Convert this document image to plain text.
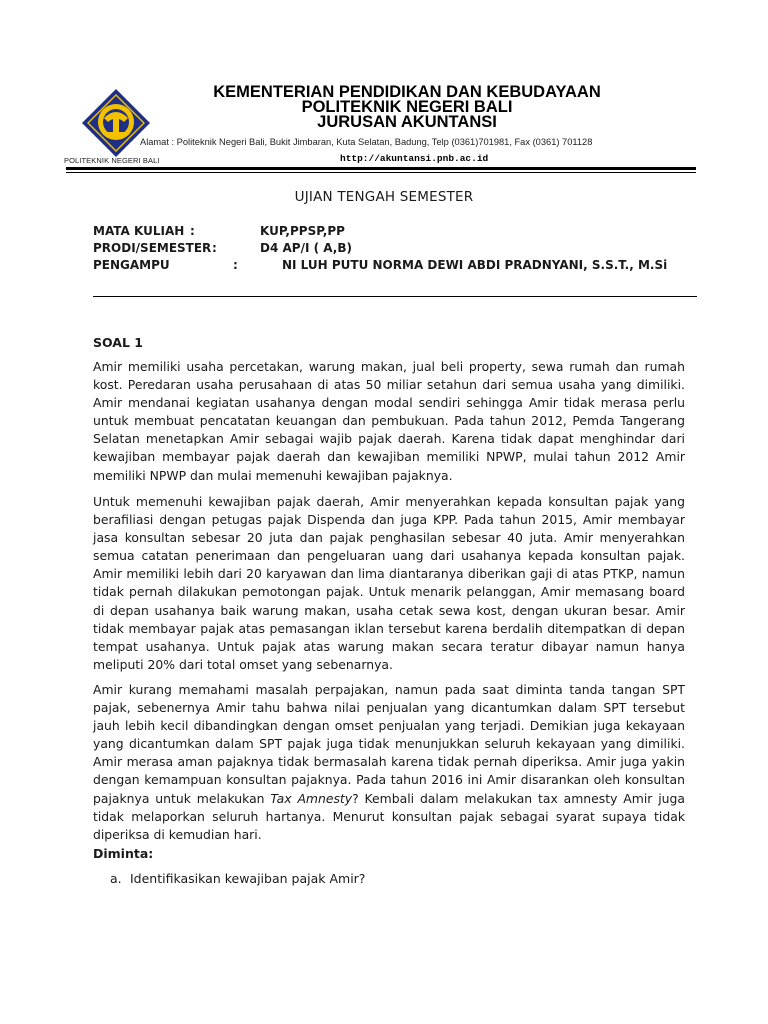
POLITEKNIK NEGERI BALI
KEMENTERIAN PENDIDIKAN DAN KEBUDAYAAN
POLITEKNIK NEGERI BALI
JURUSAN AKUNTANSI
Alamat : Politeknik Negeri Bali, Bukit Jimbaran, Kuta Selatan, Badung, Telp (0361)701981, Fax (0361) 701128
http://akuntansi.pnb.ac.id
UJIAN TENGAH SEMESTER
MATA KULIAH :	KUP,PPSP,PP
PRODI/SEMESTER :	D4 AP/I ( A,B)
PENGAMPU	:	NI LUH PUTU NORMA DEWI ABDI PRADNYANI, S.S.T., M.Si
SOAL 1

Amir memiliki usaha percetakan, warung makan, jual beli property, sewa rumah dan rumah kost. Peredaran usaha perusahaan di atas 50 miliar setahun dari semua usaha yang dimiliki. Amir mendanai kegiatan usahanya dengan modal sendiri sehingga Amir tidak merasa perlu untuk membuat pencatatan keuangan dan pembukuan. Pada tahun 2012, Pemda Tangerang Selatan menetapkan Amir sebagai wajib pajak daerah. Karena tidak dapat menghindar dari kewajiban membayar pajak daerah dan kewajiban memiliki NPWP, mulai tahun 2012 Amir memiliki NPWP dan mulai memenuhi kewajiban pajaknya.

Untuk memenuhi kewajiban pajak daerah, Amir menyerahkan kepada konsultan pajak yang berafiliasi dengan petugas pajak Dispenda dan juga KPP. Pada tahun 2015, Amir membayar jasa konsultan sebesar 20 juta dan pajak penghasilan sebesar 40 juta. Amir menyerahkan semua catatan penerimaan dan pengeluaran uang dari usahanya kepada konsultan pajak. Amir memiliki lebih dari 20 karyawan dan lima diantaranya diberikan gaji di atas PTKP, namun tidak pernah dilakukan pemotongan pajak. Untuk menarik pelanggan, Amir memasang board di depan usahanya baik warung makan, usaha cetak sewa kost, dengan ukuran besar. Amir tidak membayar pajak atas pemasangan iklan tersebut karena berdalih ditempatkan di depan tempat usahanya. Untuk pajak atas warung makan secara teratur dibayar namun hanya meliputi 20% dari total omset yang sebenarnya.

Amir kurang memahami masalah perpajakan, namun pada saat diminta tanda tangan SPT pajak, sebenernya Amir tahu bahwa nilai penjualan yang dicantumkan dalam SPT tersebut jauh lebih kecil dibandingkan dengan omset penjualan yang terjadi. Demikian juga kekayaan yang dicantumkan dalam SPT pajak juga tidak menunjukkan seluruh kekayaan yang dimiliki. Amir merasa aman pajaknya tidak bermasalah karena tidak pernah diperiksa. Amir juga yakin dengan kemampuan konsultan pajaknya. Pada tahun 2016 ini Amir disarankan oleh konsultan pajaknya untuk melakukan Tax Amnesty? Kembali dalam melakukan tax amnesty Amir juga tidak melaporkan seluruh hartanya. Menurut konsultan pajak sebagai syarat supaya tidak diperiksa di kemudian hari.

Diminta:
a. Identifikasikan kewajiban pajak Amir?
